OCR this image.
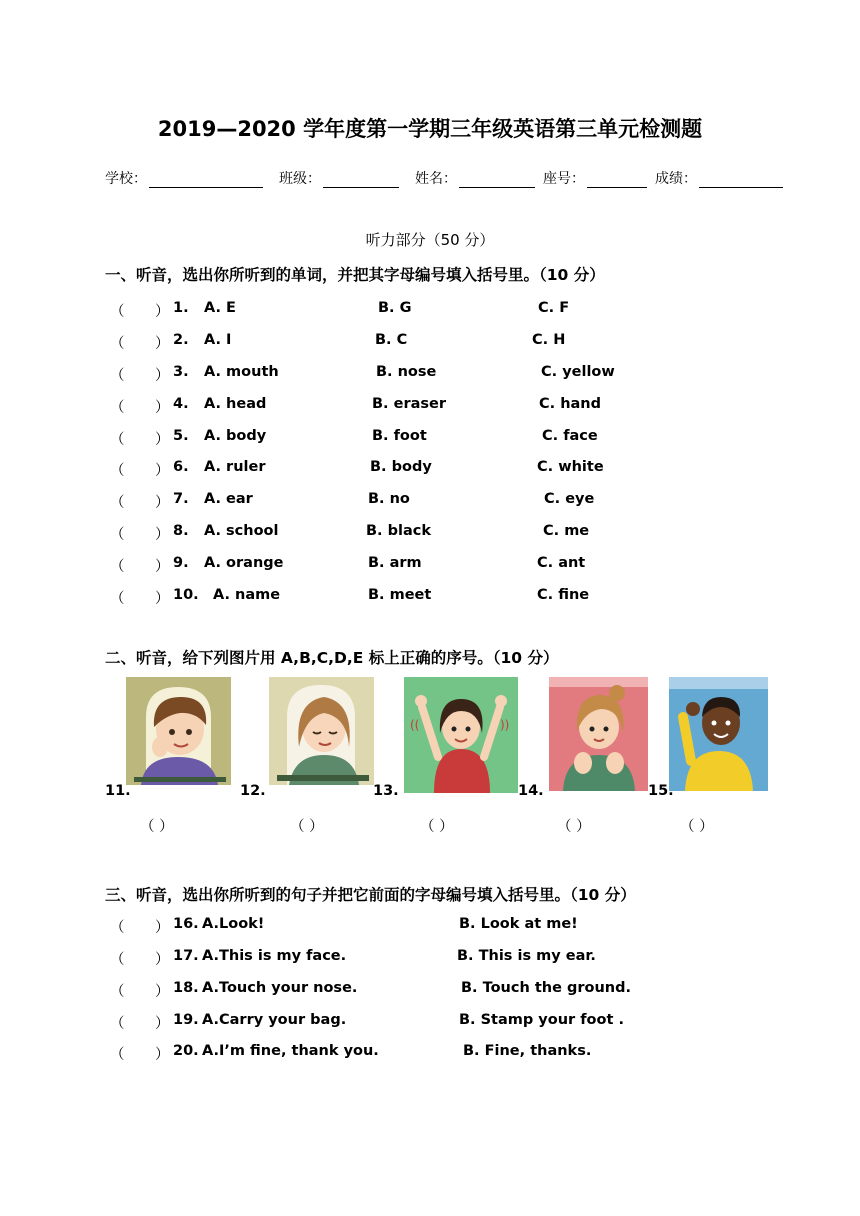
2019—2020 学年度第一学期三年级英语第三单元检测题
学校：	班级：	姓名：	座号：	成绩：
听力部分（50 分）
一、听音，选出你所听到的单词，并把其字母编号填入括号里。（10 分）
（ ） 1. A. E	B. G	C. F
（ ） 2. A. I	B. C	C. H
（ ） 3. A. mouth	B. nose	C. yellow
（ ） 4. A. head	B. eraser	C. hand
（ ） 5. A. body	B. foot	C. face
（ ） 6. A. ruler	B. body	C. white
（ ） 7. A. ear	B. no	C. eye
（ ） 8. A. school	B. black	C. me
（ ） 9. A. orange	B. arm	C. ant
（ ） 10. A. name	B. meet	C. fine
二、听音，给下列图片用 A,B,C,D,E 标上正确的序号。（10 分）
((	))
11.	12.	13.	14.	15.
（ ）	（ ）	（ ）	（ ）	（ ）
三、听音，选出你所听到的句子并把它前面的字母编号填入括号里。（10 分）
（ ） 16. A.Look!	B. Look at me!
（ ） 17. A.This is my face.	B. This is my ear.
（ ） 18. A.Touch your nose.	B. Touch the ground.
（ ） 19. A.Carry your bag.	B. Stamp your foot .
（ ） 20. A.I’m fine, thank you.	B. Fine, thanks.
